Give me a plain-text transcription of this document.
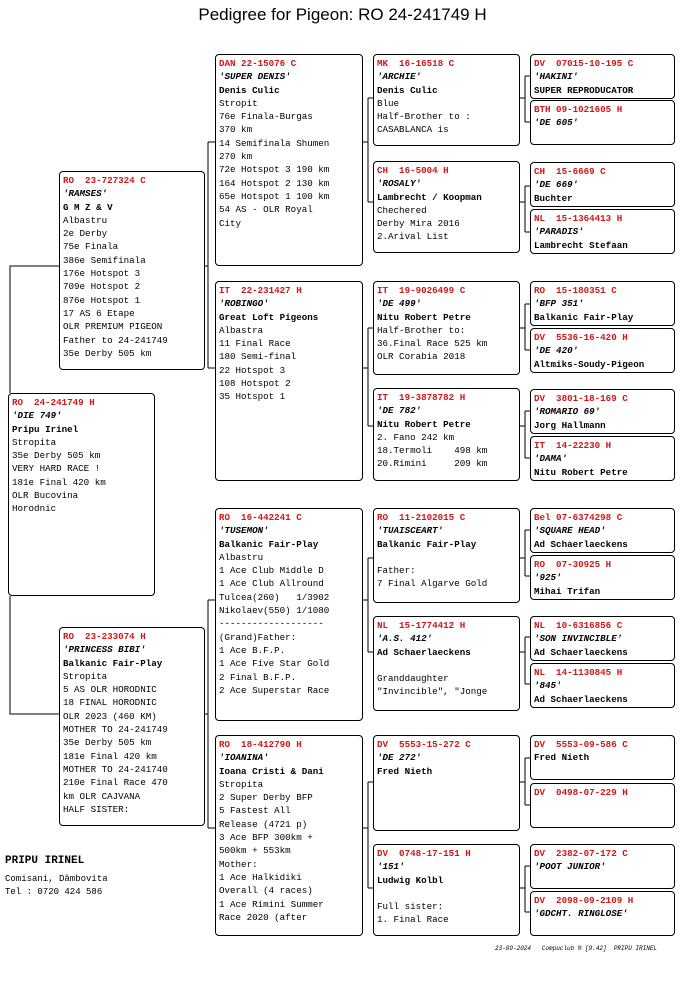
Pedigree for Pigeon: RO 24-241749 H
RO  24-241749 H
'DIE 749'
Pripu Irinel
Stropita
35e Derby 505 km
VERY HARD RACE !
181e Final 420 km
OLR Bucovina
Horodnic
RO  23-727324 C
'RAMSES'
G M Z & V
Albastru
2e Derby
75e Finala
386e Semifinala
176e Hotspot 3
709e Hotspot 2
876e Hotspot 1
17 AS 6 Etape
OLR PREMIUM PIGEON
Father to 24-241749
35e Derby 505 km
RO  23-233074 H
'PRINCESS BIBI'
Balkanic Fair-Play
Stropita
5 AS OLR HORODNIC
18 FINAL HORODNIC
OLR 2023 (460 KM)
MOTHER TO 24-241749
35e Derby 505 km
181e Final 420 km
MOTHER TO 24-241740
210e Final Race 470
km OLR CAJVANA
HALF SISTER:
DAN 22-15076 C
'SUPER DENIS'
Denis Culic
Stropit
76e Finala-Burgas
370 km
14 Semifinala Shumen
270 km
72e Hotspot 3 190 km
164 Hotspot 2 130 km
65e Hotspot 1 100 km
54 AS - OLR Royal
City
IT  22-231427 H
'ROBINGO'
Great Loft Pigeons
Albastra
11 Final Race
180 Semi-final
22 Hotspot 3
108 Hotspot 2
35 Hotspot 1
RO  16-442241 C
'TUSEMON'
Balkanic Fair-Play
Albastru
1 Ace Club Middle D
1 Ace Club Allround
Tulcea(260)   1/3902
Nikolaev(550) 1/1080
-------------------
(Grand)Father:
1 Ace B.F.P.
1 Ace Five Star Gold
2 Final B.F.P.
2 Ace Superstar Race
RO  18-412790 H
'IOANINA'
Ioana Cristi & Dani
Stropita
2 Super Derby BFP
5 Fastest All
Release (4721 p)
3 Ace BFP 300km +
500km + 553km
Mother:
1 Ace Halkidiki
Overall (4 races)
1 Ace Rimini Summer
Race 2020 (after
MK  16-16518 C
'ARCHIE'
Denis Culic
Blue
Half-Brother to :
CASABLANCA is
CH  16-5004 H
'ROSALY'
Lambrecht / Koopman
Chechered
Derby Mira 2016
2.Arival List
IT  19-9026499 C
'DE 499'
Nitu Robert Petre
Half-Brother to:
36.Final Race 525 km
OLR Corabia 2018
IT  19-3878782 H
'DE 782'
Nitu Robert Petre
2. Fano 242 km
18.Termoli    498 km
20.Rimini     209 km
RO  11-2102015 C
'TUAISCEART'
Balkanic Fair-Play
Father:
7 Final Algarve Gold
NL  15-1774412 H
'A.S. 412'
Ad Schaerlaeckens
Granddaughter
"Invincible", "Jonge
DV  5553-15-272 C
'DE 272'
Fred Nieth
DV  0748-17-151 H
'151'
Ludwig Kolbl
Full sister:
1. Final Race
DV  07015-10-195 C
'HAKINI'
SUPER REPRODUCATOR
BTH 09-1021605 H
'DE 605'
CH  15-6669 C
'DE 669'
Buchter
NL  15-1364413 H
'PARADIS'
Lambrecht Stefaan
RO  15-180351 C
'BFP 351'
Balkanic Fair-Play
DV  5536-16-420 H
'DE 420'
Altmiks-Soudy-Pigeon
DV  3801-18-169 C
'ROMARIO 69'
Jorg Hallmann
IT  14-22230 H
'DAMA'
Nitu Robert Petre
Bel 07-6374298 C
'SQUARE HEAD'
Ad Schaerlaeckens
RO  07-30925 H
'925'
Mihai Trifan
NL  10-6316856 C
'SON INVINCIBLE'
Ad Schaerlaeckens
NL  14-1130845 H
'845'
Ad Schaerlaeckens
DV  5553-09-586 C
Fred Nieth
DV  0498-07-229 H
DV  2382-07-172 C
'POOT JUNIOR'
DV  2098-09-2109 H
'GDCHT. RINGLOSE'
PRIPU IRINEL
Comisani, Dâmbovita
Tel : 0720 424 586
23-09-2024   Compuclub ® [9.42]  PRIPU IRINEL
